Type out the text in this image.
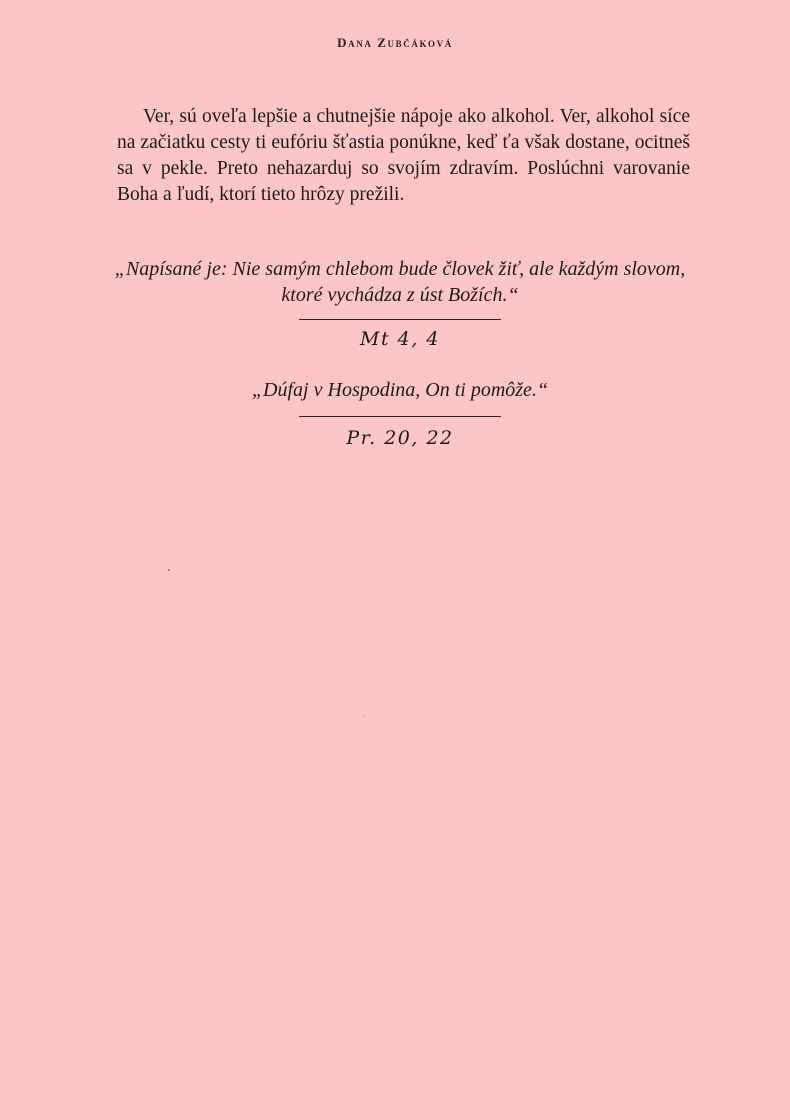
Dana Zubčáková

Ver, sú oveľa lepšie a chutnejšie nápoje ako alkohol. Ver, alkohol síce na začiatku cesty ti eufóriu šťastia ponúkne, keď ťa však dostane, ocitneš sa v pekle. Preto nehazarduj so svojím zdravím. Poslúchni varovanie Boha a ľudí, ktorí tieto hrôzy prežili.

„Napísané je: Nie samým chlebom bude človek žiť, ale každým slovom, ktoré vychádza z úst Božích.“
Mt 4, 4
„Dúfaj v Hospodina, On ti pomôže.“
Pr. 20, 22
